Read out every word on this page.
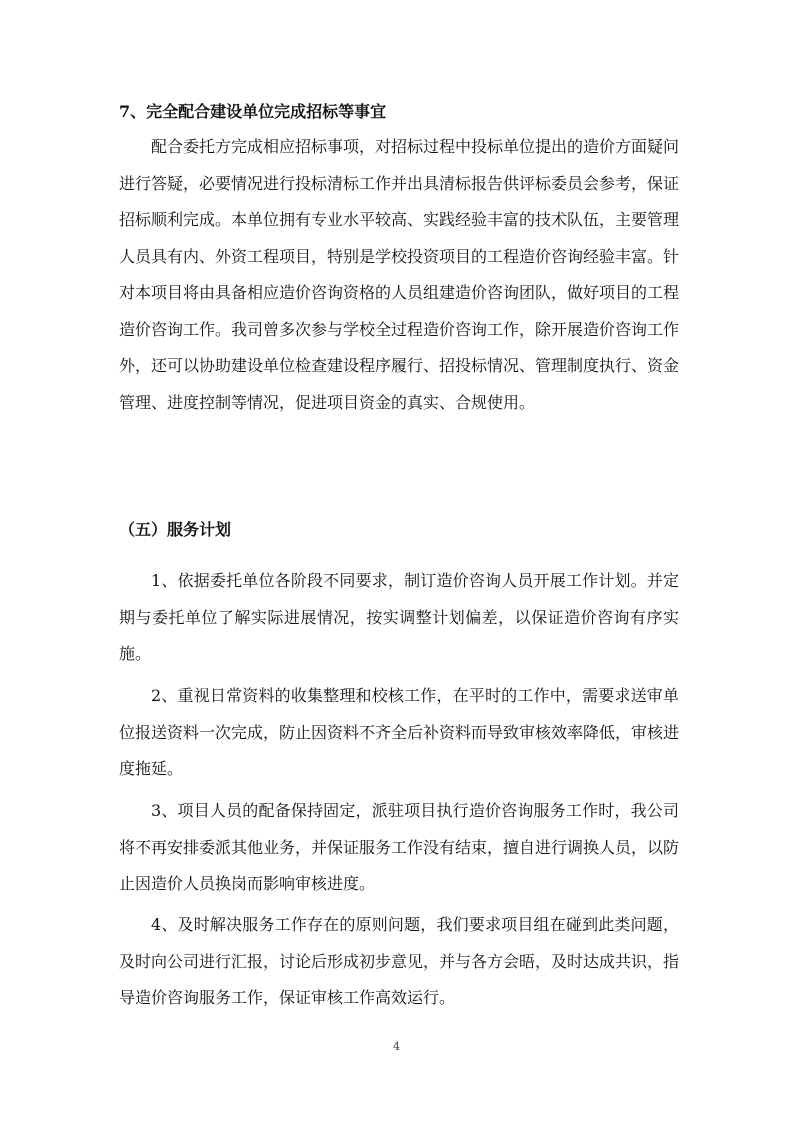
7、完全配合建设单位完成招标等事宜
配合委托方完成相应招标事项，对招标过程中投标单位提出的造价方面疑问进行答疑，必要情况进行投标清标工作并出具清标报告供评标委员会参考，保证招标顺利完成。本单位拥有专业水平较高、实践经验丰富的技术队伍，主要管理人员具有内、外资工程项目，特别是学校投资项目的工程造价咨询经验丰富。针对本项目将由具备相应造价咨询资格的人员组建造价咨询团队，做好项目的工程造价咨询工作。我司曾多次参与学校全过程造价咨询工作，除开展造价咨询工作外，还可以协助建设单位检查建设程序履行、招投标情况、管理制度执行、资金管理、进度控制等情况，促进项目资金的真实、合规使用。
（五）服务计划
1、依据委托单位各阶段不同要求，制订造价咨询人员开展工作计划。并定期与委托单位了解实际进展情况，按实调整计划偏差，以保证造价咨询有序实施。
2、重视日常资料的收集整理和校核工作，在平时的工作中，需要求送审单位报送资料一次完成，防止因资料不齐全后补资料而导致审核效率降低，审核进度拖延。
3、项目人员的配备保持固定，派驻项目执行造价咨询服务工作时，我公司将不再安排委派其他业务，并保证服务工作没有结束，擅自进行调换人员，以防止因造价人员换岗而影响审核进度。
4、及时解决服务工作存在的原则问题，我们要求项目组在碰到此类问题，及时向公司进行汇报，讨论后形成初步意见，并与各方会晤，及时达成共识，指导造价咨询服务工作，保证审核工作高效运行。
4
